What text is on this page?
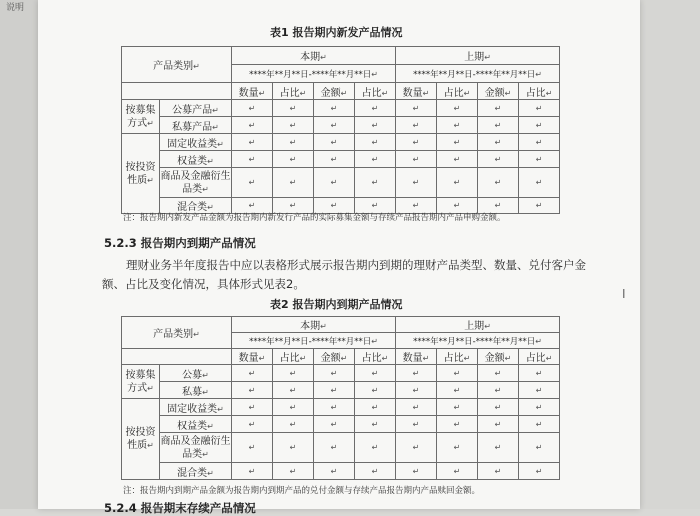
说明
表1 报告期内新发产品情况
产品类别↵		本期↵				上期↵			
		****年**月**日-****年**月**日↵				****年**月**日-****年**月**日↵			
		数量↵	占比↵	金额↵	占比↵	数量↵	占比↵	金额↵	占比↵
按募集方式↵	公募产品↵	↵	↵	↵	↵	↵	↵	↵	↵
	私募产品↵	↵	↵	↵	↵	↵	↵	↵	↵
按投资性质↵	固定收益类↵	↵	↵	↵	↵	↵	↵	↵	↵
	权益类↵	↵	↵	↵	↵	↵	↵	↵	↵
	商品及金融衍生品类↵	↵	↵	↵	↵	↵	↵	↵	↵
	混合类↵	↵	↵	↵	↵	↵	↵	↵	↵
注：报告期内新发产品金额为报告期内新发行产品的实际募集金额与存续产品报告期内产品申购金额。
5.2.3 报告期内到期产品情况
理财业务半年度报告中应以表格形式展示报告期内到期的理财产品类型、数量、兑付客户金额、占比及变化情况，具体形式见表2。
表2 报告期内到期产品情况
产品类别↵		本期↵				上期↵			
		****年**月**日-****年**月**日↵				****年**月**日-****年**月**日↵			
		数量↵	占比↵	金额↵	占比↵	数量↵	占比↵	金额↵	占比↵
按募集方式↵	公募↵	↵	↵	↵	↵	↵	↵	↵	↵
	私募↵	↵	↵	↵	↵	↵	↵	↵	↵
按投资性质↵	固定收益类↵	↵	↵	↵	↵	↵	↵	↵	↵
	权益类↵	↵	↵	↵	↵	↵	↵	↵	↵
	商品及金融衍生品类↵	↵	↵	↵	↵	↵	↵	↵	↵
	混合类↵	↵	↵	↵	↵	↵	↵	↵	↵
注：报告期内到期产品金额为报告期内到期产品的兑付金额与存续产品报告期内产品赎回金额。
5.2.4 报告期末存续产品情况
I
